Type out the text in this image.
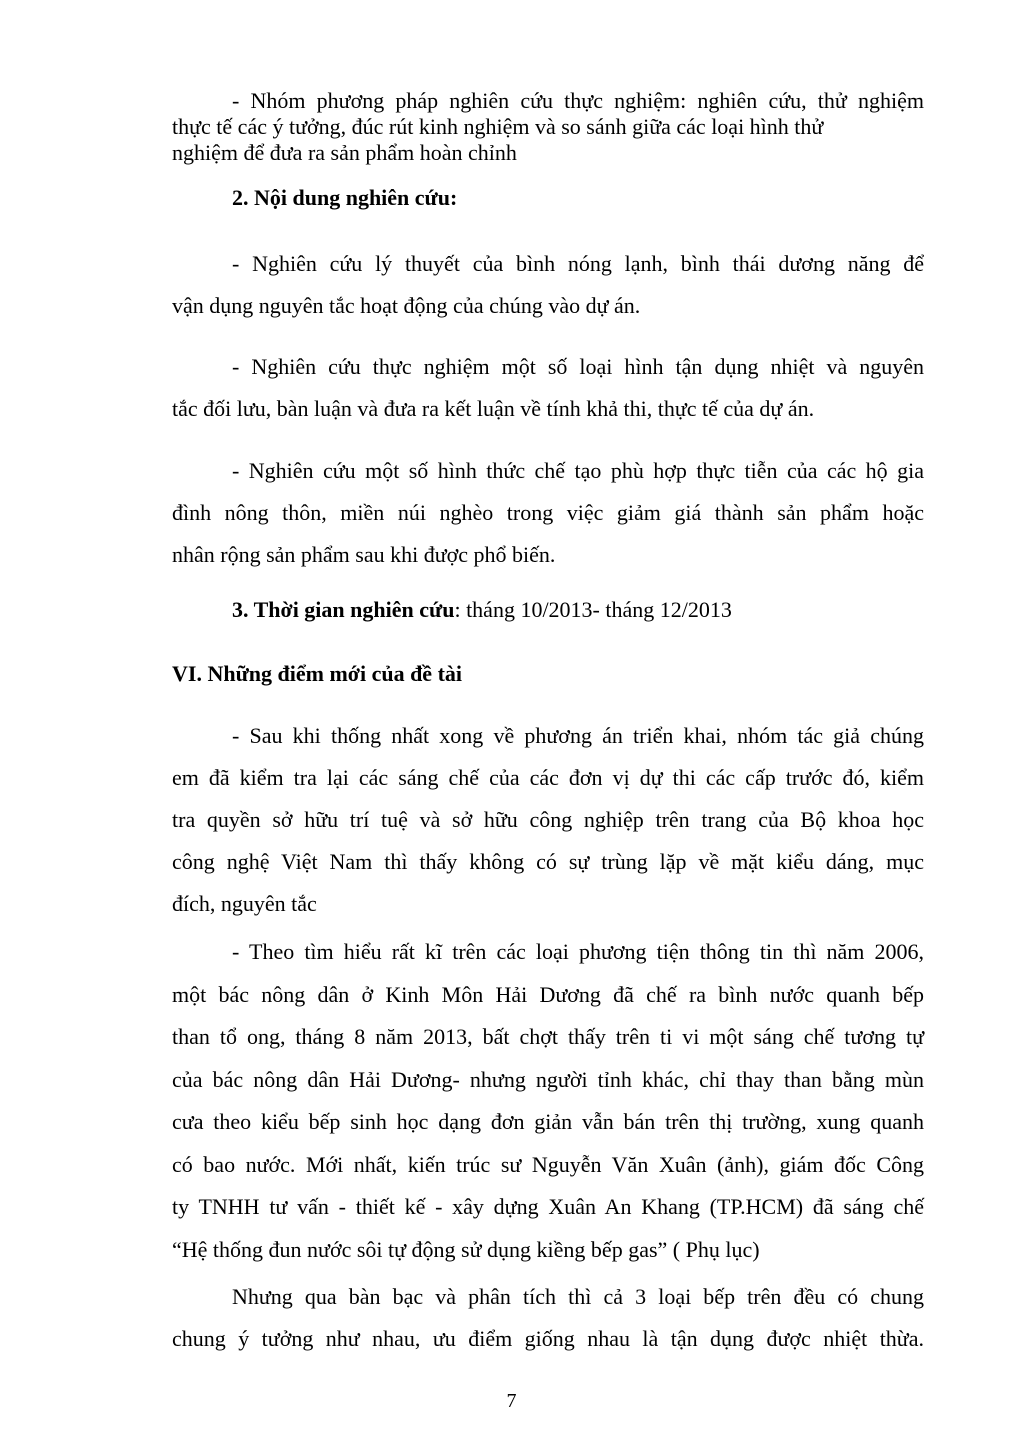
- Nhóm phương pháp nghiên cứu thực nghiệm: nghiên cứu, thử nghiệm
thực tế các ý tưởng, đúc rút kinh nghiệm và so sánh giữa các loại hình thử
nghiệm để đưa ra sản phẩm hoàn chỉnh
2. Nội dung nghiên cứu:
- Nghiên cứu lý thuyết của bình nóng lạnh, bình thái dương năng để
vận dụng nguyên tắc hoạt động của chúng vào dự án.
- Nghiên cứu thực nghiệm một số loại hình tận dụng nhiệt và nguyên
tắc đối lưu, bàn luận và đưa ra kết luận về tính khả thi, thực tế của dự án.
- Nghiên cứu một số hình thức chế tạo phù hợp thực tiễn của các hộ gia
đình nông thôn, miền núi nghèo trong việc giảm giá thành sản phẩm hoặc
nhân rộng sản phẩm sau khi được phổ biến.
3. Thời gian nghiên cứu: tháng 10/2013- tháng 12/2013
VI. Những điểm mới của đề tài
- Sau khi thống nhất xong về phương án triển khai, nhóm tác giả chúng
em đã kiểm tra lại các sáng chế của các đơn vị dự thi các cấp trước đó, kiểm
tra quyền sở hữu trí tuệ và sở hữu công nghiệp trên trang của Bộ khoa học
công nghệ Việt Nam thì thấy không có sự trùng lặp về mặt kiểu dáng, mục
đích, nguyên tắc
- Theo tìm hiểu rất kĩ trên các loại phương tiện thông tin thì năm 2006,
một bác nông dân ở Kinh Môn Hải Dương đã chế ra bình nước quanh bếp
than tổ ong, tháng 8 năm 2013, bất chợt thấy trên ti vi một sáng chế tương tự
của bác nông dân Hải Dương- nhưng người tỉnh khác, chỉ thay than bằng mùn
cưa theo kiểu bếp sinh học dạng đơn giản vẫn bán trên thị trường, xung quanh
có bao nước. Mới nhất, kiến trúc sư Nguyễn Văn Xuân (ảnh), giám đốc Công
ty TNHH tư vấn - thiết kế - xây dựng Xuân An Khang (TP.HCM) đã sáng chế
“Hệ thống đun nước sôi tự động sử dụng kiềng bếp gas” ( Phụ lục)
Nhưng qua bàn bạc và phân tích thì cả 3 loại bếp trên đều có chung
chung ý tưởng như nhau, ưu điểm giống nhau là tận dụng được nhiệt thừa.
7
